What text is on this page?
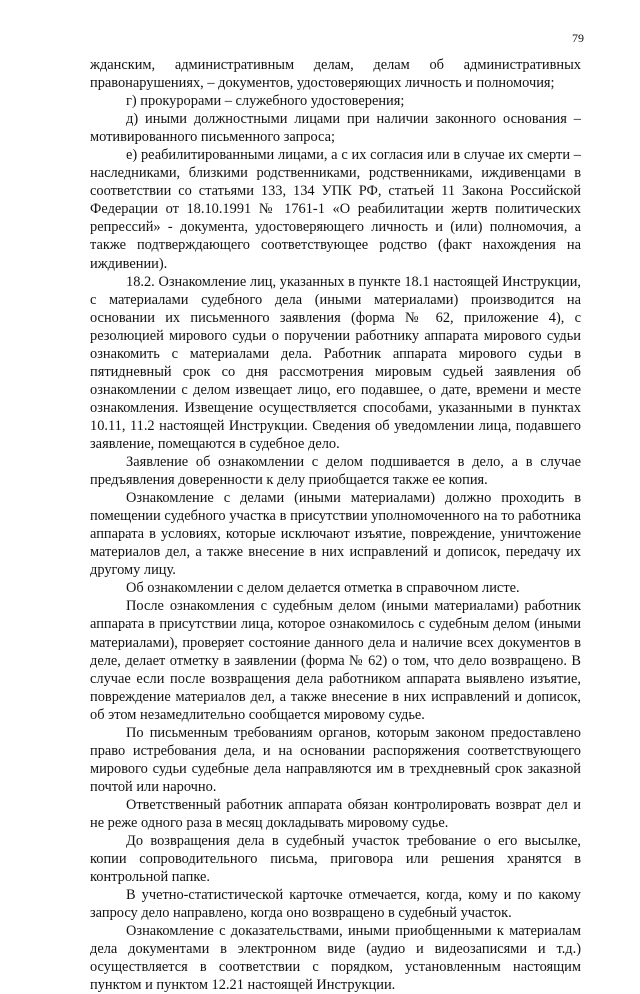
79

жданским, административным делам, делам об административных правонарушениях, – документов, удостоверяющих личность и полномочия;

г) прокурорами – служебного удостоверения;

д) иными должностными лицами при наличии законного основания – мотивированного письменного запроса;

е) реабилитированными лицами, а с их согласия или в случае их смерти – наследниками, близкими родственниками, родственниками, иждивенцами в соответствии со статьями 133, 134 УПК РФ, статьей 11 Закона Российской Федерации от 18.10.1991 № 1761-1 «О реабилитации жертв политических репрессий» - документа, удостоверяющего личность и (или) полномочия, а также подтверждающего соответствующее родство (факт нахождения на иждивении).

18.2. Ознакомление лиц, указанных в пункте 18.1 настоящей Инструкции, с материалами судебного дела (иными материалами) производится на основании их письменного заявления (форма № 62, приложение 4), с резолюцией мирового судьи о поручении работнику аппарата мирового судьи ознакомить с материалами дела. Работник аппарата мирового судьи в пятидневный срок со дня рассмотрения мировым судьей заявления об ознакомлении с делом извещает лицо, его подавшее, о дате, времени и месте ознакомления. Извещение осуществляется способами, указанными в пунктах 10.11, 11.2 настоящей Инструкции. Сведения об уведомлении лица, подавшего заявление, помещаются в судебное дело.

Заявление об ознакомлении с делом подшивается в дело, а в случае предъявления доверенности к делу приобщается также ее копия.

Ознакомление с делами (иными материалами) должно проходить в помещении судебного участка в присутствии уполномоченного на то работника аппарата в условиях, которые исключают изъятие, повреждение, уничтожение материалов дел, а также внесение в них исправлений и дописок, передачу их другому лицу.

Об ознакомлении с делом делается отметка в справочном листе.

После ознакомления с судебным делом (иными материалами) работник аппарата в присутствии лица, которое ознакомилось с судебным делом (иными материалами), проверяет состояние данного дела и наличие всех документов в деле, делает отметку в заявлении (форма № 62) о том, что дело возвращено. В случае если после возвращения дела работником аппарата выявлено изъятие, повреждение материалов дел, а также внесение в них исправлений и дописок, об этом незамедлительно сообщается мировому судье.

По письменным требованиям органов, которым законом предоставлено право истребования дела, и на основании распоряжения соответствующего мирового судьи судебные дела направляются им в трехдневный срок заказной почтой или нарочно.

Ответственный работник аппарата обязан контролировать возврат дел и не реже одного раза в месяц докладывать мировому судье.

До возвращения дела в судебный участок требование о его высылке, копии сопроводительного письма, приговора или решения хранятся в контрольной папке.

В учетно-статистической карточке отмечается, когда, кому и по какому запросу дело направлено, когда оно возвращено в судебный участок.

Ознакомление с доказательствами, иными приобщенными к материалам дела документами в электронном виде (аудио и видеозаписями и т.д.) осуществляется в соответствии с порядком, установленным настоящим пунктом и пунктом 12.21 настоящей Инструкции.
